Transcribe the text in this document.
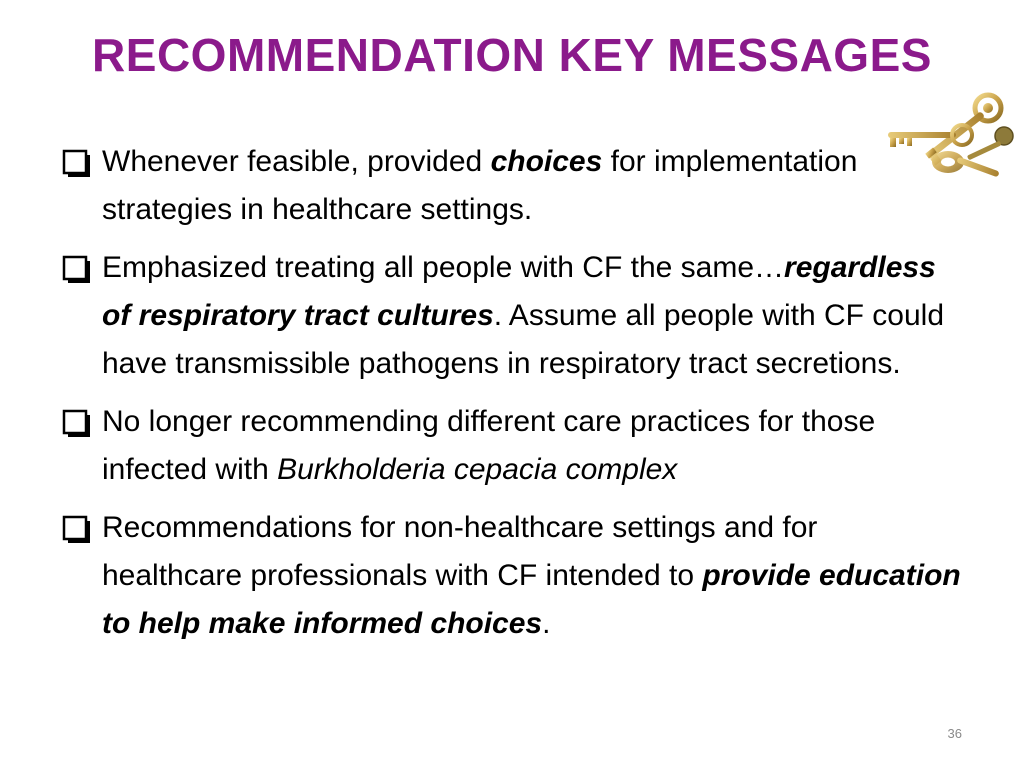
RECOMMENDATION KEY MESSAGES
Whenever feasible, provided choices for implementation strategies in healthcare settings.
Emphasized treating all people with CF the same…regardless of respiratory tract cultures. Assume all people with CF could have transmissible pathogens in respiratory tract secretions.
No longer recommending different care practices for those infected with Burkholderia cepacia complex
Recommendations for non-healthcare settings and for healthcare professionals with CF intended to provide education to help make informed choices.
36
